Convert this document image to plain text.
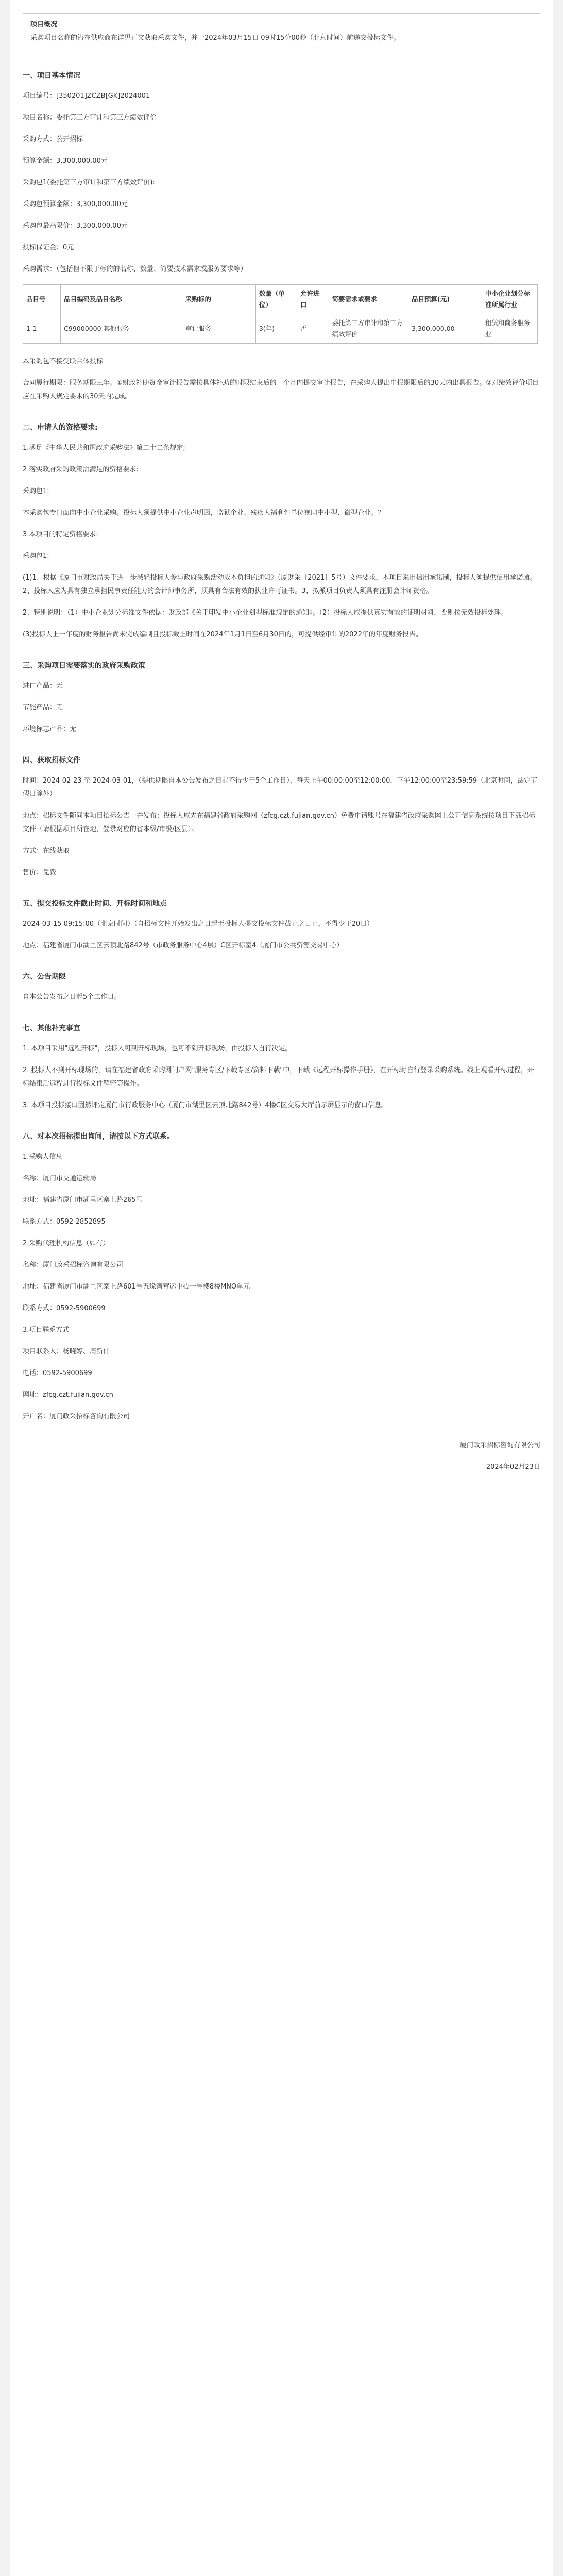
项目概况
采购项目名称的潜在供应商在详见正文获取采购文件，并于2024年03月15日 09时15分00秒（北京时间）前递交投标文件。
一、项目基本情况

项目编号：[350201]ZCZB[GK]2024001

项目名称：委托第三方审计和第三方绩效评价

采购方式：公开招标

预算金额：3,300,000.00元

采购包1(委托第三方审计和第三方绩效评价):

采购包预算金额：3,300,000.00元

采购包最高限价：3,300,000.00元

投标保证金：0元

采购需求：（包括但不限于标的的名称、数量、简要技术需求或服务要求等）

品目号	品目编码及品目名称	采购标的	数量（单位）	允许进口	简要需求或要求	品目预算(元)	中小企业划分标准所属行业
1-1	C99000000-其他服务	审计服务	3(年)	否	委托第三方审计和第三方绩效评价	3,300,000.00	租赁和商务服务业

本采购包不接受联合体投标

合同履行期限：服务期限三年。①财政补助资金审计报告需按具体补助的时限结束后的一个月内提交审计报告，在采购人提出申报期限后的30天内出具报告。②对绩效评价项目应在采购人规定要求的30天内完成。

二、申请人的资格要求:

1.满足《中华人民共和国政府采购法》第二十二条规定;

2.落实政府采购政策需满足的资格要求:

采购包1:

本采购包专门面向中小企业采购。投标人须提供中小企业声明函，监狱企业、残疾人福利性单位视同中小型、微型企业。？

3.本项目的特定资格要求:

采购包1:

(1)1、根据《厦门市财政局关于进一步减轻投标人参与政府采购活动成本负担的通知》（厦财采〔2021〕5号）文件要求，本项目采用信用承诺制，投标人须提供信用承诺函。2、投标人应为具有独立承担民事责任能力的会计师事务所，须具有合法有效的执业许可证书。3、拟派项目负责人须具有注册会计师资格。

2、特别说明：（1）中小企业划分标准文件依据：财政部《关于印发中小企业划型标准规定的通知》。（2）投标人应提供真实有效的证明材料，否则按无效投标处理。

(3)投标人上一年度的财务报告尚未完成编制且投标截止时间在2024年1月1日至6月30日的，可提供经审计的2022年的年度财务报告。

三、采购项目需要落实的政府采购政策

进口产品：无

节能产品：无

环境标志产品：无

四、获取招标文件

时间：2024-02-23 至 2024-03-01，（提供期限自本公告发布之日起不得少于5个工作日），每天上午00:00:00至12:00:00，下午12:00:00至23:59:59（北京时间，法定节假日除外）

地点：招标文件随同本项目招标公告一并发布；投标人应先在福建省政府采购网（zfcg.czt.fujian.gov.cn）免费申请账号在福建省政府采购网上公开信息系统按项目下载招标文件（请根据项目所在地，登录对应的省本级/市级/区县）。

方式：在线获取

售价：免费

五、提交投标文件截止时间、开标时间和地点

2024-03-15 09:15:00（北京时间）（自招标文件开始发出之日起至投标人提交投标文件截止之日止，不得少于20日）

地点：福建省厦门市湖里区云顶北路842号（市政务服务中心4层）C区开标室4（厦门市公共资源交易中心）

六、公告期限

自本公告发布之日起5个工作日。

七、其他补充事宜

1. 本项目采用"远程开标"，投标人可到开标现场，也可不到开标现场，由投标人自行决定。

2. 投标人不到开标现场的，请在福建省政府采购网门户网"服务专区/下载专区/资料下载"中，下载《远程开标操作手册》，在开标时自行登录采购系统。线上观看开标过程，开标结束后远程进行投标文件解密等操作。

3. 本项目投标接口固然评定厦门市行政服务中心（厦门市湖里区云顶北路842号）4楼C区交易大厅前示屏显示的窗口信息。

八、对本次招标提出询问，请按以下方式联系。

1.采购人信息

名称：厦门市交通运输局

地址：福建省厦门市湖里区寨上路265号

联系方式：0592-2852895

2.采购代理机构信息（如有）

名称：厦门政采招标咨询有限公司

地址：福建省厦门市湖里区寨上路601号五缘湾营运中心一号楼8楼MNO单元

联系方式：0592-5900699

3.项目联系方式

项目联系人：杨晓婷、周新伟

电话：0592-5900699

网址：zfcg.czt.fujian.gov.cn

开户名：厦门政采招标咨询有限公司

厦门政采招标咨询有限公司

2024年02月23日
